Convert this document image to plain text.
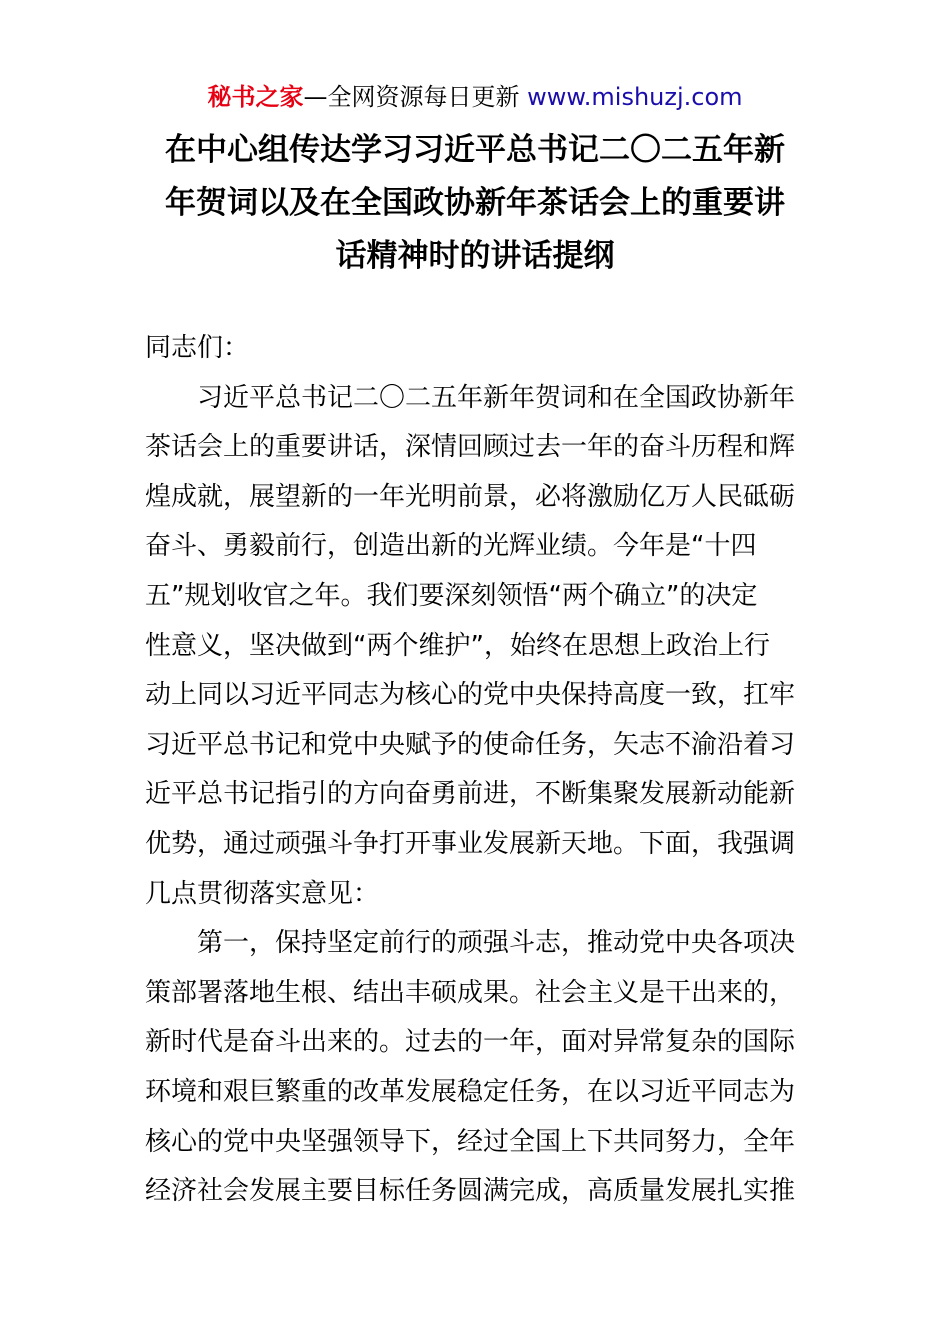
秘书之家—全网资源每日更新 www.mishuzj.com
在中心组传达学习习近平总书记二〇二五年新
年贺词以及在全国政协新年茶话会上的重要讲
话精神时的讲话提纲
同志们：
习近平总书记二〇二五年新年贺词和在全国政协新年
茶话会上的重要讲话，深情回顾过去一年的奋斗历程和辉
煌成就，展望新的一年光明前景，必将激励亿万人民砥砺
奋斗、勇毅前行，创造出新的光辉业绩。今年是“十四
五”规划收官之年。我们要深刻领悟“两个确立”的决定
性意义，坚决做到“两个维护”，始终在思想上政治上行
动上同以习近平同志为核心的党中央保持高度一致，扛牢
习近平总书记和党中央赋予的使命任务，矢志不渝沿着习
近平总书记指引的方向奋勇前进，不断集聚发展新动能新
优势，通过顽强斗争打开事业发展新天地。下面，我强调
几点贯彻落实意见：
第一，保持坚定前行的顽强斗志，推动党中央各项决
策部署落地生根、结出丰硕成果。社会主义是干出来的，
新时代是奋斗出来的。过去的一年，面对异常复杂的国际
环境和艰巨繁重的改革发展稳定任务，在以习近平同志为
核心的党中央坚强领导下，经过全国上下共同努力，全年
经济社会发展主要目标任务圆满完成，高质量发展扎实推
